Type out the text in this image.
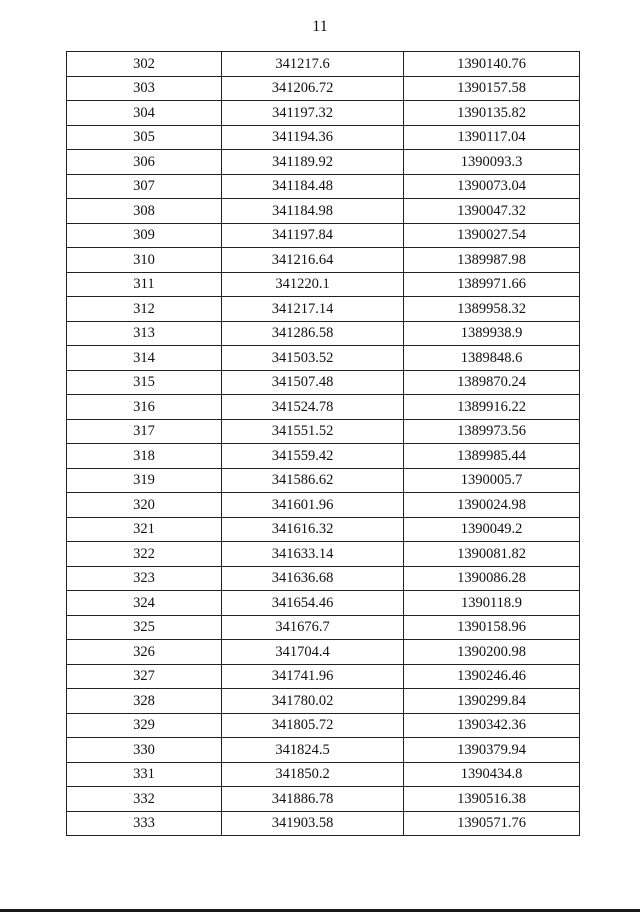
11
302	341217.6	1390140.76
303	341206.72	1390157.58
304	341197.32	1390135.82
305	341194.36	1390117.04
306	341189.92	1390093.3
307	341184.48	1390073.04
308	341184.98	1390047.32
309	341197.84	1390027.54
310	341216.64	1389987.98
311	341220.1	1389971.66
312	341217.14	1389958.32
313	341286.58	1389938.9
314	341503.52	1389848.6
315	341507.48	1389870.24
316	341524.78	1389916.22
317	341551.52	1389973.56
318	341559.42	1389985.44
319	341586.62	1390005.7
320	341601.96	1390024.98
321	341616.32	1390049.2
322	341633.14	1390081.82
323	341636.68	1390086.28
324	341654.46	1390118.9
325	341676.7	1390158.96
326	341704.4	1390200.98
327	341741.96	1390246.46
328	341780.02	1390299.84
329	341805.72	1390342.36
330	341824.5	1390379.94
331	341850.2	1390434.8
332	341886.78	1390516.38
333	341903.58	1390571.76
